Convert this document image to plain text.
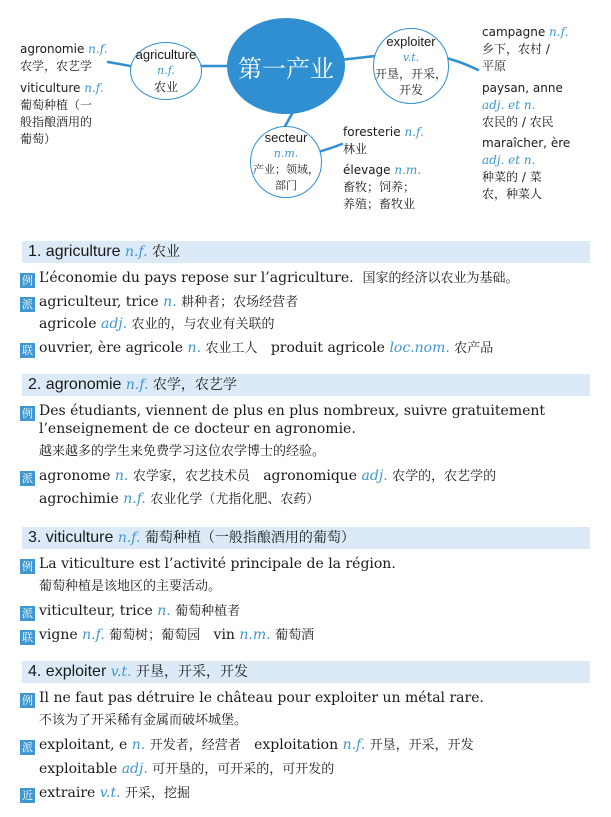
第一产业
agriculture
n.f.
农业
exploiter
v.t.
开垦，开采，
开发
secteur
n.m.
产业；领域，
部门
agronomie n.f.
农学，农艺学
viticulture n.f.
葡萄种植（一
般指酿酒用的
葡萄）	foresterie n.f.
林业
élevage n.m.
畜牧；饲养；
养殖；畜牧业
campagne n.f.
乡下，农村 /
平原
paysan, anne
adj. et n.
农民的 / 农民
maraîcher, ère
adj. et n.
种菜的 / 菜
农，种菜人
1. agriculture n.f. 农业
例 L’économie du pays repose sur l’agriculture. 国家的经济以农业为基础。
派 agriculteur, trice n. 耕种者；农场经营者
agricole adj. 农业的，与农业有关联的
联 ouvrier, ère agricole n. 农业工人 produit agricole loc.nom. 农产品
2. agronomie n.f. 农学，农艺学
例 Des étudiants, viennent de plus en plus nombreux, suivre gratuitement
l’enseignement de ce docteur en agronomie.
越来越多的学生来免费学习这位农学博士的经验。
派 agronome n. 农学家，农艺技术员 agronomique adj. 农学的，农艺学的
agrochimie n.f. 农业化学（尤指化肥、农药）
3. viticulture n.f. 葡萄种植（一般指酿酒用的葡萄）
例 La viticulture est l’activité principale de la région.
葡萄种植是该地区的主要活动。
派 viticulteur, trice n. 葡萄种植者
联 vigne n.f. 葡萄树；葡萄园 vin n.m. 葡萄酒
4. exploiter v.t. 开垦，开采，开发
例 Il ne faut pas détruire le château pour exploiter un métal rare.
不该为了开采稀有金属而破坏城堡。
派 exploitant, e n. 开发者，经营者 exploitation n.f. 开垦，开采，开发
exploitable adj. 可开垦的，可开采的，可开发的
近 extraire v.t. 开采，挖掘
